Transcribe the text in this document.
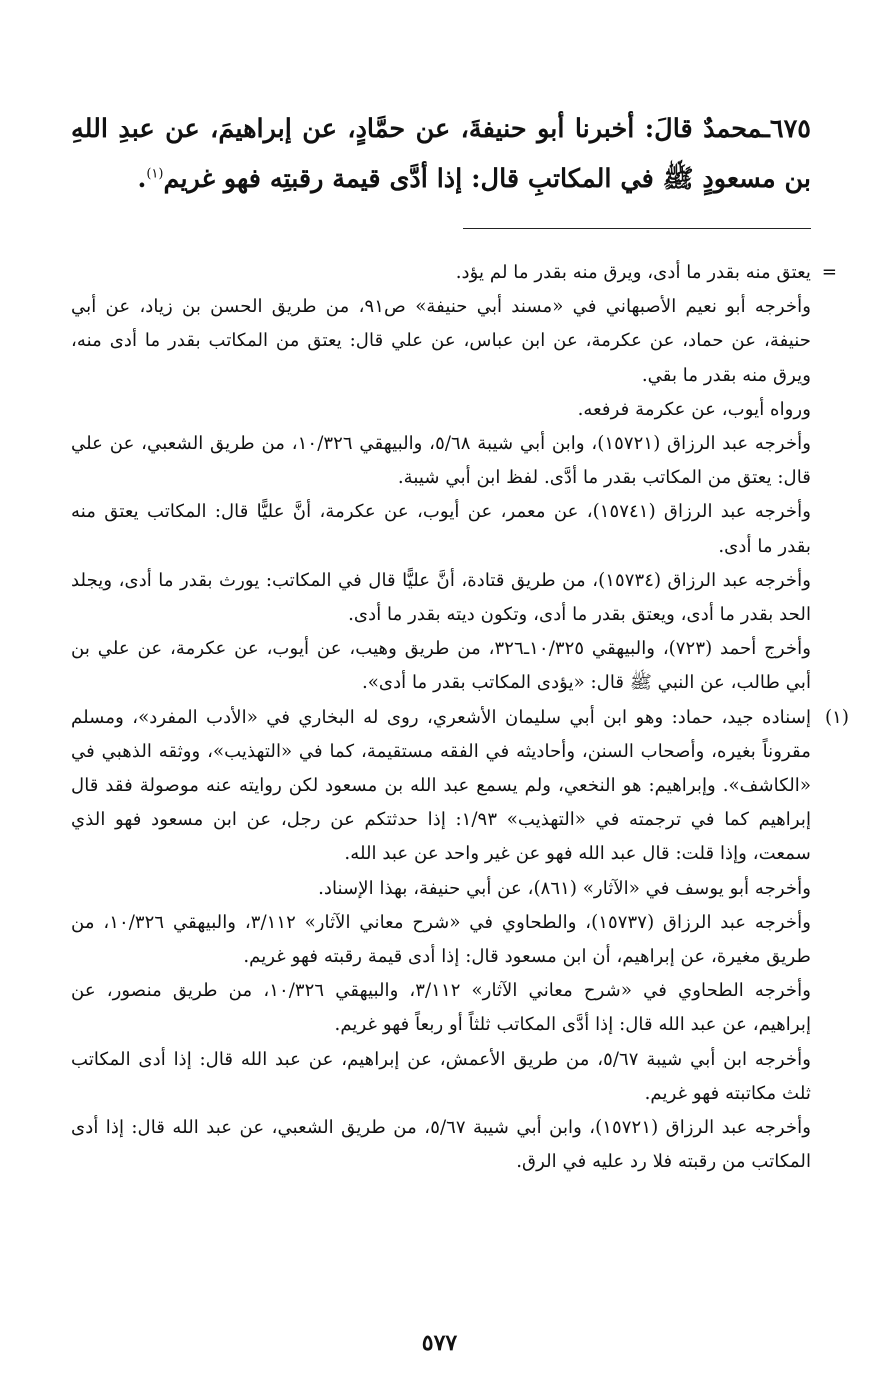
٦٧٥ـمحمدٌ قالَ: أخبرنا أبو حنيفةَ، عن حمَّادٍ، عن إبراهيمَ، عن عبدِ اللهِ بن مسعودٍ ﷺ في المكاتبِ قال: إذا أدَّى قيمة رقبتِه فهو غريم$^{(١)}$.

=
يعتق منه بقدر ما أدى، ويرق منه بقدر ما لم يؤد.

وأخرجه أبو نعيم الأصبهاني في «مسند أبي حنيفة» ص٩١، من طريق الحسن بن زياد، عن أبي حنيفة، عن حماد، عن عكرمة، عن ابن عباس، عن علي قال: يعتق من المكاتب بقدر ما أدى منه، ويرق منه بقدر ما بقي.

ورواه أيوب، عن عكرمة فرفعه.

وأخرجه عبد الرزاق (١٥٧٢١)، وابن أبي شيبة ٥/٦٨، والبيهقي ١٠/٣٢٦، من طريق الشعبي، عن علي قال: يعتق من المكاتب بقدر ما أدَّى. لفظ ابن أبي شيبة.

وأخرجه عبد الرزاق (١٥٧٤١)، عن معمر، عن أيوب، عن عكرمة، أنَّ عليًّا قال: المكاتب يعتق منه بقدر ما أدى.

وأخرجه عبد الرزاق (١٥٧٣٤)، من طريق قتادة، أنَّ عليًّا قال في المكاتب: يورث بقدر ما أدى، ويجلد الحد بقدر ما أدى، ويعتق بقدر ما أدى، وتكون ديته بقدر ما أدى.

وأخرج أحمد (٧٢٣)، والبيهقي ١٠/٣٢٥ـ٣٢٦، من طريق وهيب، عن أيوب، عن عكرمة، عن علي بن أبي طالب، عن النبي ﷺ قال: «يؤدى المكاتب بقدر ما أدى».

(١)
إسناده جيد، حماد: وهو ابن أبي سليمان الأشعري، روى له البخاري في «الأدب المفرد»، ومسلم مقروناً بغيره، وأصحاب السنن، وأحاديثه في الفقه مستقيمة، كما في «التهذيب»، ووثقه الذهبي في «الكاشف». وإبراهيم: هو النخعي، ولم يسمع عبد الله بن مسعود لكن روايته عنه موصولة فقد قال إبراهيم كما في ترجمته في «التهذيب» ١/٩٣: إذا حدثتكم عن رجل، عن ابن مسعود فهو الذي سمعت، وإذا قلت: قال عبد الله فهو عن غير واحد عن عبد الله.

وأخرجه أبو يوسف في «الآثار» (٨٦١)، عن أبي حنيفة، بهذا الإسناد.

وأخرجه عبد الرزاق (١٥٧٣٧)، والطحاوي في «شرح معاني الآثار» ٣/١١٢، والبيهقي ١٠/٣٢٦، من طريق مغيرة، عن إبراهيم، أن ابن مسعود قال: إذا أدى قيمة رقبته فهو غريم.

وأخرجه الطحاوي في «شرح معاني الآثار» ٣/١١٢، والبيهقي ١٠/٣٢٦، من طريق منصور، عن إبراهيم، عن عبد الله قال: إذا أدَّى المكاتب ثلثاً أو ربعاً فهو غريم.

وأخرجه ابن أبي شيبة ٥/٦٧، من طريق الأعمش، عن إبراهيم، عن عبد الله قال: إذا أدى المكاتب ثلث مكاتبته فهو غريم.

وأخرجه عبد الرزاق (١٥٧٢١)، وابن أبي شيبة ٥/٦٧، من طريق الشعبي، عن عبد الله قال: إذا أدى المكاتب من رقبته فلا رد عليه في الرق.

٥٧٧
